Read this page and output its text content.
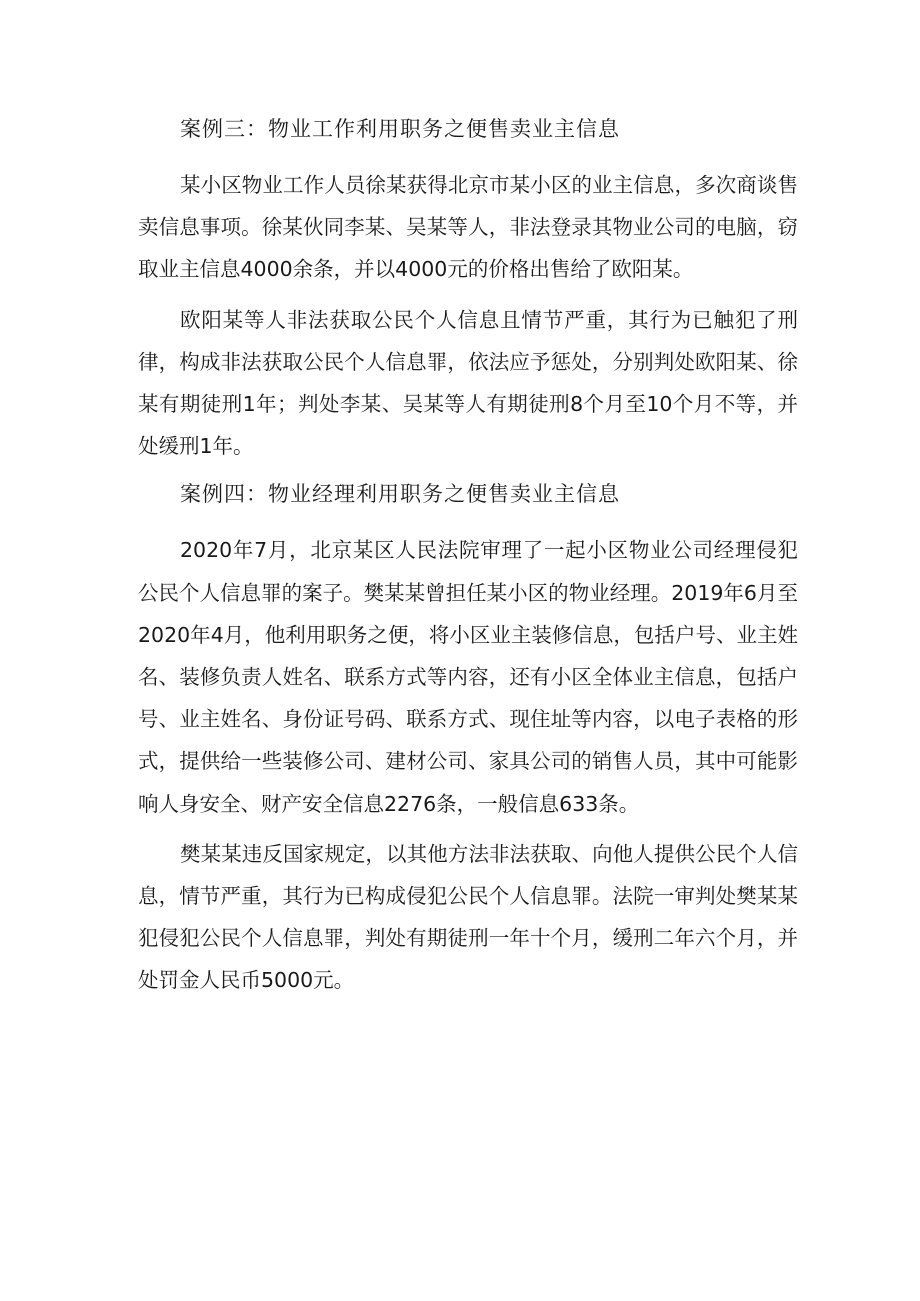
案例三：物业工作利用职务之便售卖业主信息

某小区物业工作人员徐某获得北京市某小区的业主信息，多次商谈售卖信息事项。徐某伙同李某、吴某等人，非法登录其物业公司的电脑，窃取业主信息4000余条，并以4000元的价格出售给了欧阳某。

欧阳某等人非法获取公民个人信息且情节严重，其行为已触犯了刑律，构成非法获取公民个人信息罪，依法应予惩处，分别判处欧阳某、徐某有期徒刑1年；判处李某、吴某等人有期徒刑8个月至10个月不等，并处缓刑1年。

案例四：物业经理利用职务之便售卖业主信息

2020年7月，北京某区人民法院审理了一起小区物业公司经理侵犯公民个人信息罪的案子。樊某某曾担任某小区的物业经理。2019年6月至2020年4月，他利用职务之便，将小区业主装修信息，包括户号、业主姓名、装修负责人姓名、联系方式等内容，还有小区全体业主信息，包括户号、业主姓名、身份证号码、联系方式、现住址等内容，以电子表格的形式，提供给一些装修公司、建材公司、家具公司的销售人员，其中可能影响人身安全、财产安全信息2276条，一般信息633条。

樊某某违反国家规定，以其他方法非法获取、向他人提供公民个人信息，情节严重，其行为已构成侵犯公民个人信息罪。法院一审判处樊某某犯侵犯公民个人信息罪，判处有期徒刑一年十个月，缓刑二年六个月，并处罚金人民币5000元。
